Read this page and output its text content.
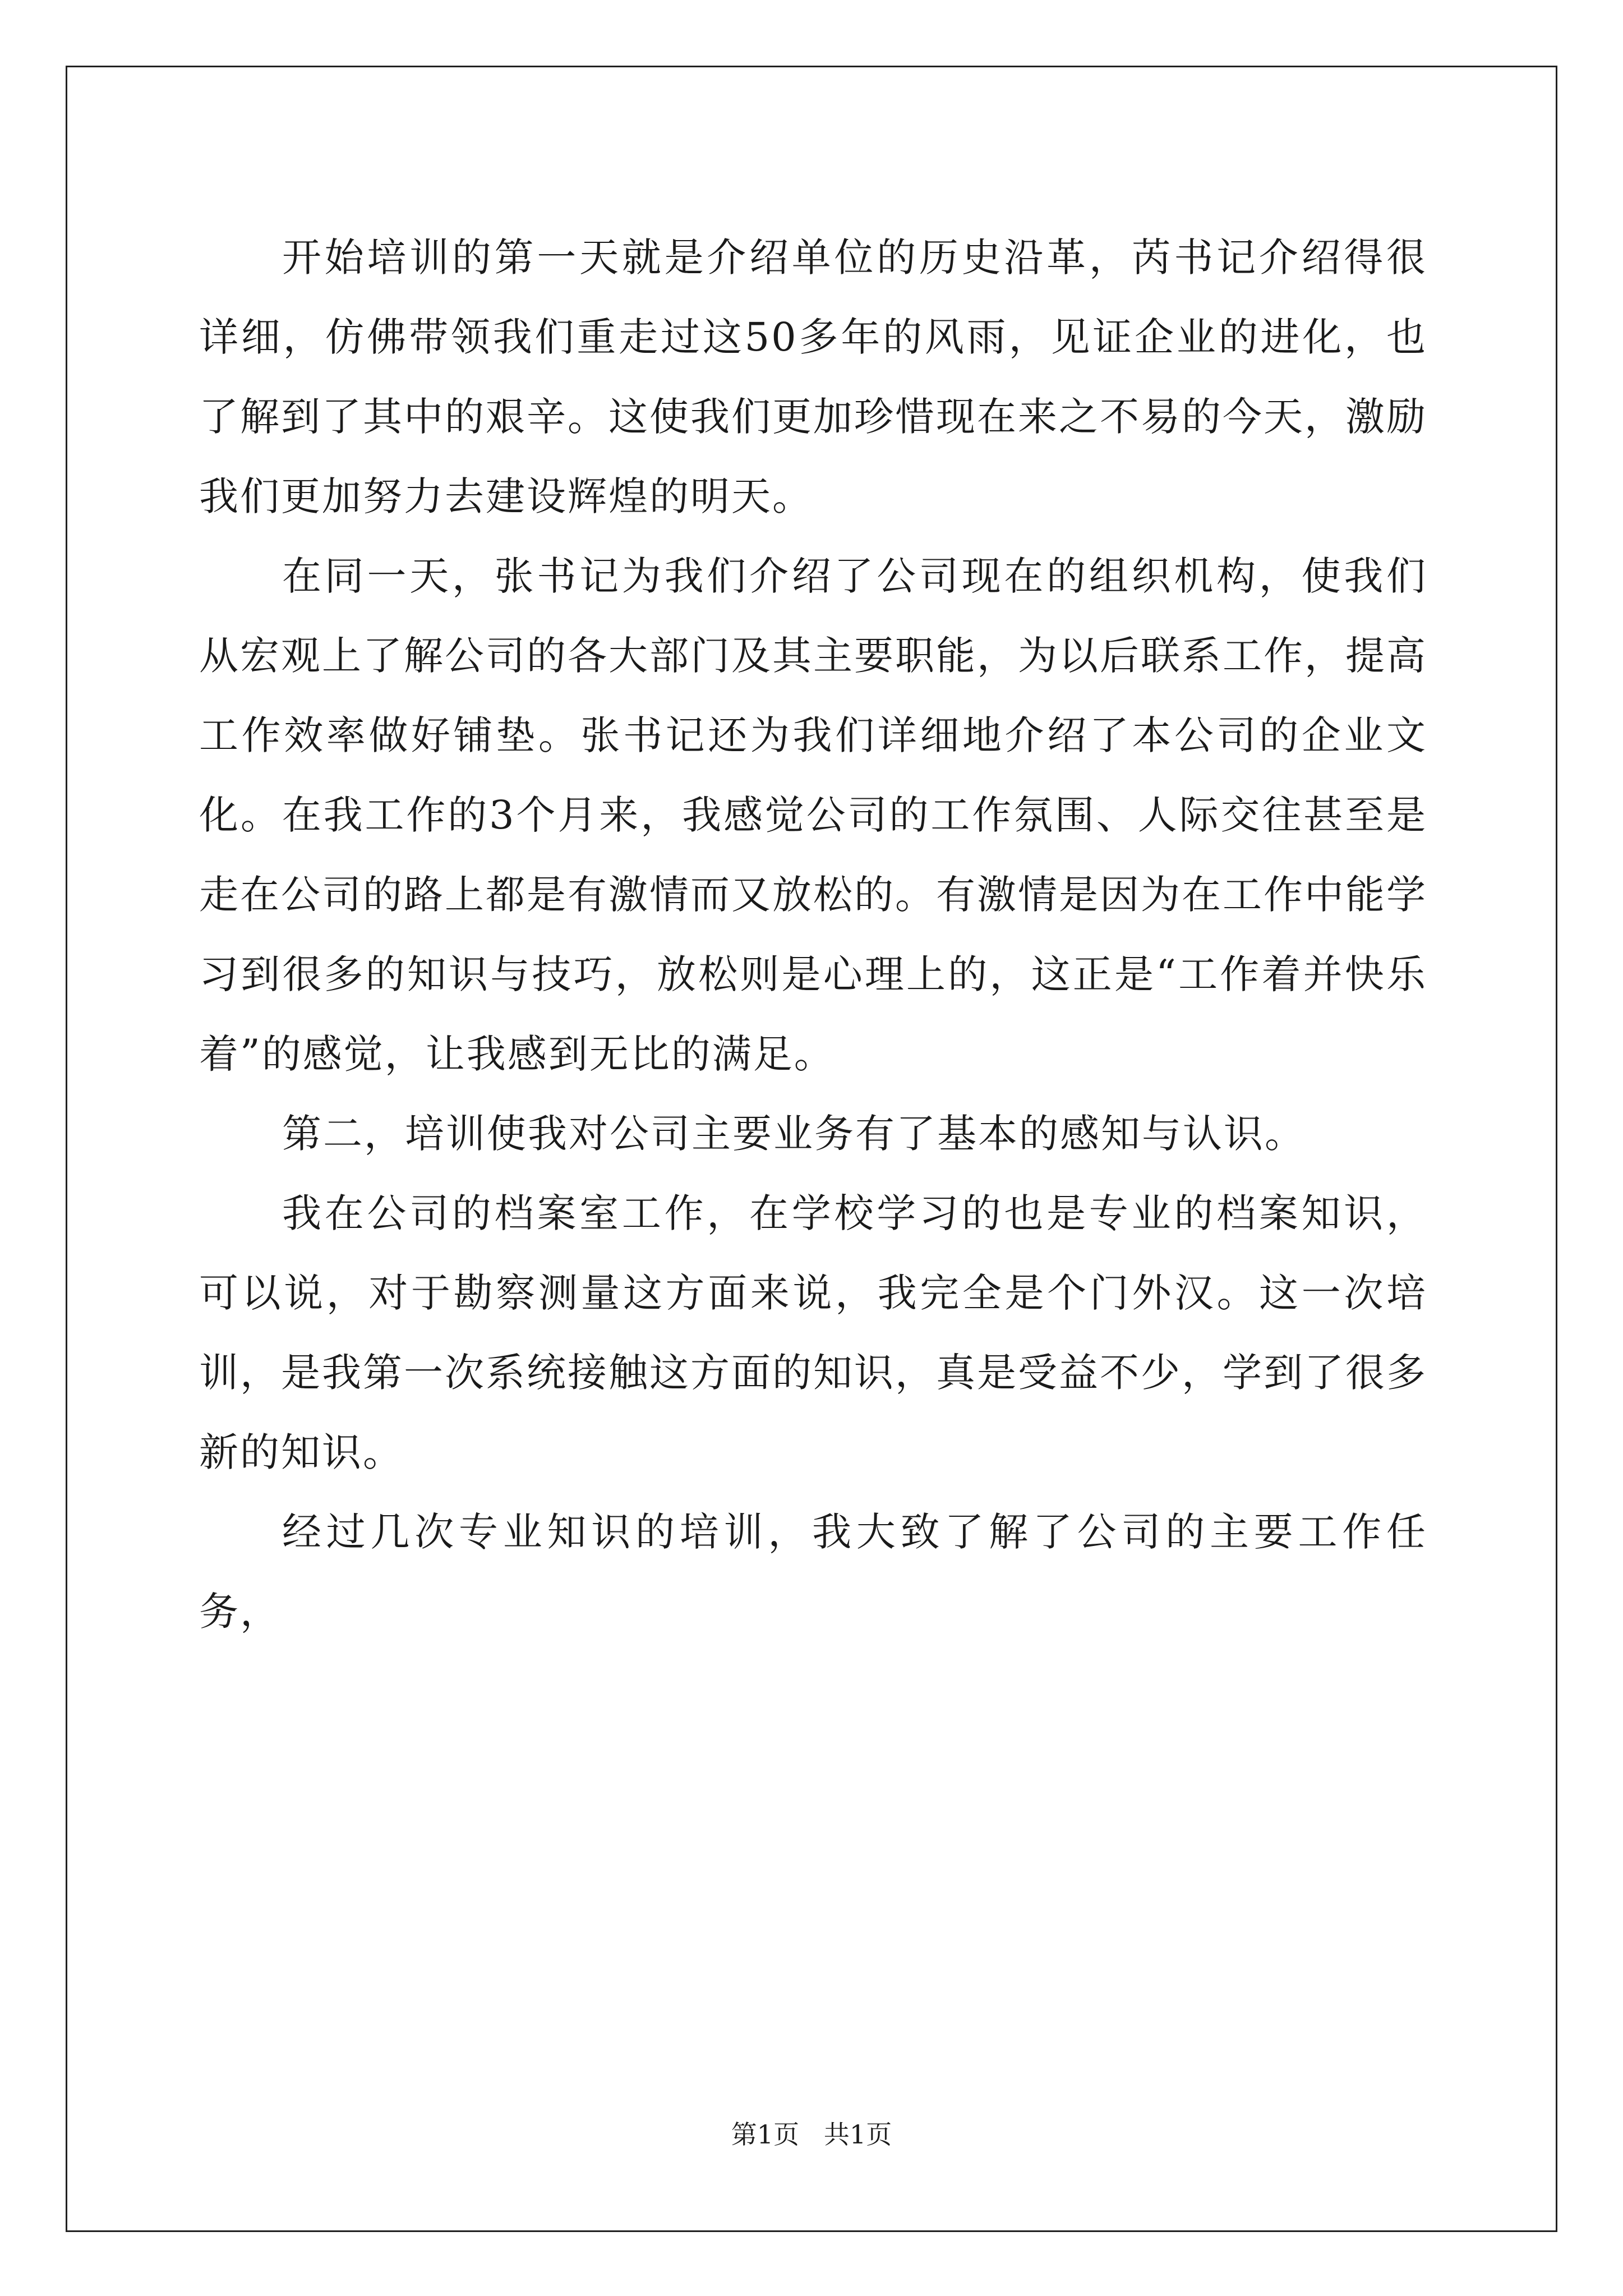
开始培训的第一天就是介绍单位的历史沿革，芮书记介绍得很详细，仿佛带领我们重走过这50多年的风雨，见证企业的进化，也了解到了其中的艰辛。这使我们更加珍惜现在来之不易的今天，激励我们更加努力去建设辉煌的明天。

在同一天，张书记为我们介绍了公司现在的组织机构，使我们从宏观上了解公司的各大部门及其主要职能，为以后联系工作，提高工作效率做好铺垫。张书记还为我们详细地介绍了本公司的企业文化。在我工作的3个月来，我感觉公司的工作氛围、人际交往甚至是走在公司的路上都是有激情而又放松的。有激情是因为在工作中能学习到很多的知识与技巧，放松则是心理上的，这正是“工作着并快乐着”的感觉，让我感到无比的满足。

第二，培训使我对公司主要业务有了基本的感知与认识。

我在公司的档案室工作，在学校学习的也是专业的档案知识，可以说，对于勘察测量这方面来说，我完全是个门外汉。这一次培训，是我第一次系统接触这方面的知识，真是受益不少，学到了很多新的知识。

经过几次专业知识的培训，我大致了解了公司的主要工作任务，

第1页   共1页
